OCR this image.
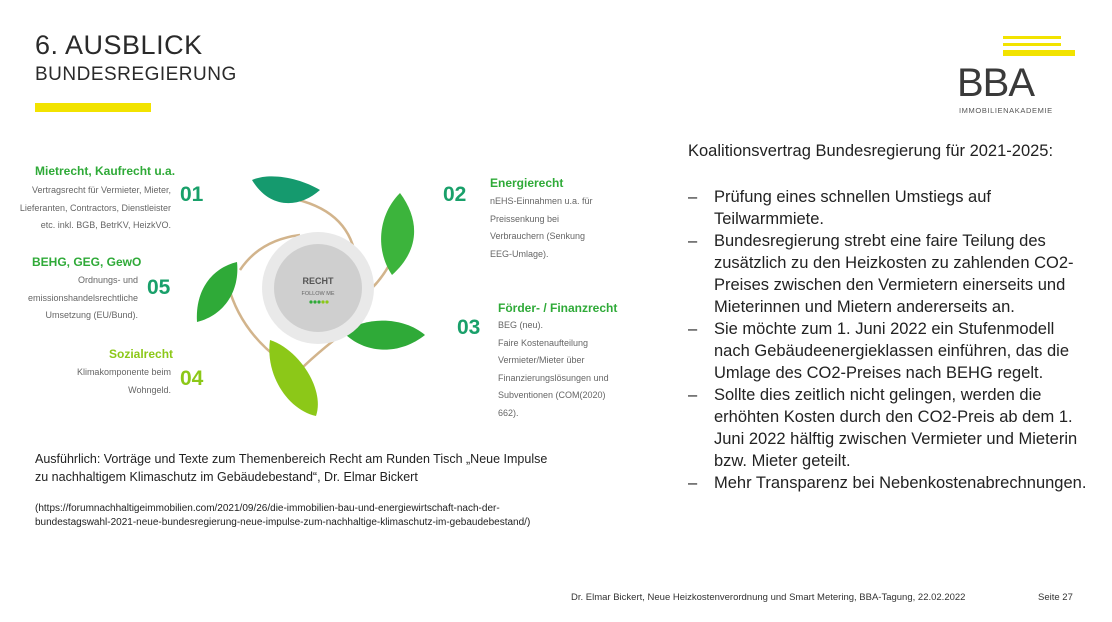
6. AUSBLICK
BUNDESREGIERUNG	BBA
IMMOBILIENAKADEMIE
RECHT
FOLLOW ME
Mietrecht, Kaufrecht u.a.
Vertragsrecht für Vermieter, Mieter,
Lieferanten, Contractors, Dienstleister
etc. inkl. BGB, BetrKV, HeizkVO.
01
BEHG, GEG, GewO
Ordnungs- und
emissionshandelsrechtliche
Umsetzung (EU/Bund).
05
Sozialrecht
Klimakomponente beim
Wohngeld. 04
02 Energierecht
nEHS-Einnahmen u.a. für
Preissenkung bei
Verbrauchern (Senkung
EEG-Umlage).
03
Förder- / Finanzrecht
BEG (neu).
Faire Kostenaufteilung
Vermieter/Mieter über
Finanzierungslösungen und
Subventionen (COM(2020)
662).
Koalitionsvertrag Bundesregierung für 2021-2025:
– Prüfung eines schnellen Umstiegs auf Teilwarmmiete.
– Bundesregierung strebt eine faire Teilung des zusätzlich zu den Heizkosten zu zahlenden CO2-Preises zwischen den Vermietern einerseits und Mieterinnen und Mietern andererseits an.
– Sie möchte zum 1. Juni 2022 ein Stufenmodell nach Gebäudeenergieklassen einführen, das die Umlage des CO2-Preises nach BEHG regelt.
– Sollte dies zeitlich nicht gelingen, werden die erhöhten Kosten durch den CO2-Preis ab dem 1. Juni 2022 hälftig zwischen Vermieter und Mieterin bzw. Mieter geteilt.
– Mehr Transparenz bei Nebenkostenabrechnungen.
Ausführlich: Vorträge und Texte zum Themenbereich Recht am Runden Tisch „Neue Impulse zu nachhaltigem Klimaschutz im Gebäudebestand“, Dr. Elmar Bickert
(https://forumnachhaltigeimmobilien.com/2021/09/26/die-immobilien-bau-und-energiewirtschaft-nach-der-bundestagswahl-2021-neue-bundesregierung-neue-impulse-zum-nachhaltige-klimaschutz-im-gebaudebestand/)
Dr. Elmar Bickert, Neue Heizkostenverordnung und Smart Metering, BBA-Tagung, 22.02.2022	Seite 27
